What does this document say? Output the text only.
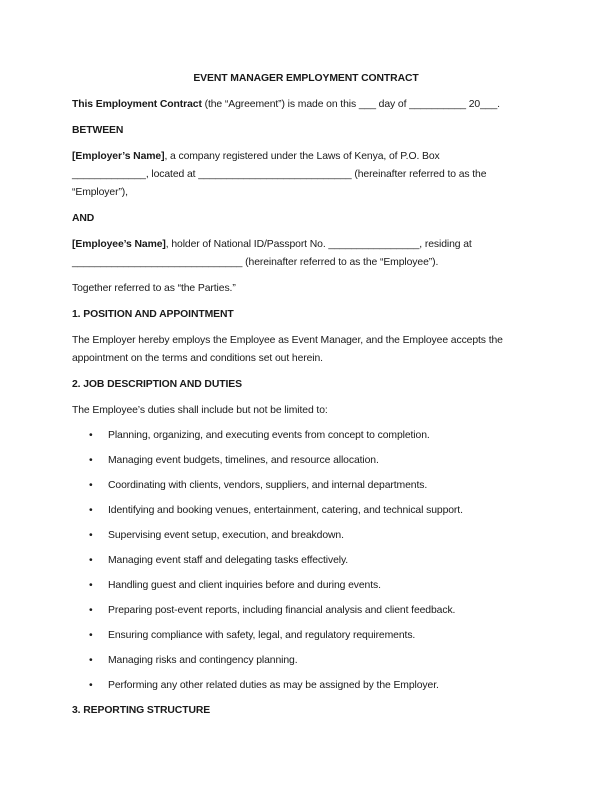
EVENT MANAGER EMPLOYMENT CONTRACT

This Employment Contract (the “Agreement”) is made on this ___ day of __________ 20___.

BETWEEN

[Employer’s Name], a company registered under the Laws of Kenya, of P.O. Box
_____________, located at ___________________________ (hereinafter referred to as the
“Employer”),

AND

[Employee’s Name], holder of National ID/Passport No. ________________, residing at
______________________________ (hereinafter referred to as the “Employee”).

Together referred to as “the Parties.”

1. POSITION AND APPOINTMENT

The Employer hereby employs the Employee as Event Manager, and the Employee accepts the
appointment on the terms and conditions set out herein.

2. JOB DESCRIPTION AND DUTIES

The Employee’s duties shall include but not be limited to:

• Planning, organizing, and executing events from concept to completion.
• Managing event budgets, timelines, and resource allocation.
• Coordinating with clients, vendors, suppliers, and internal departments.
• Identifying and booking venues, entertainment, catering, and technical support.
• Supervising event setup, execution, and breakdown.
• Managing event staff and delegating tasks effectively.
• Handling guest and client inquiries before and during events.
• Preparing post-event reports, including financial analysis and client feedback.
• Ensuring compliance with safety, legal, and regulatory requirements.
• Managing risks and contingency planning.
• Performing any other related duties as may be assigned by the Employer.
3. REPORTING STRUCTURE
